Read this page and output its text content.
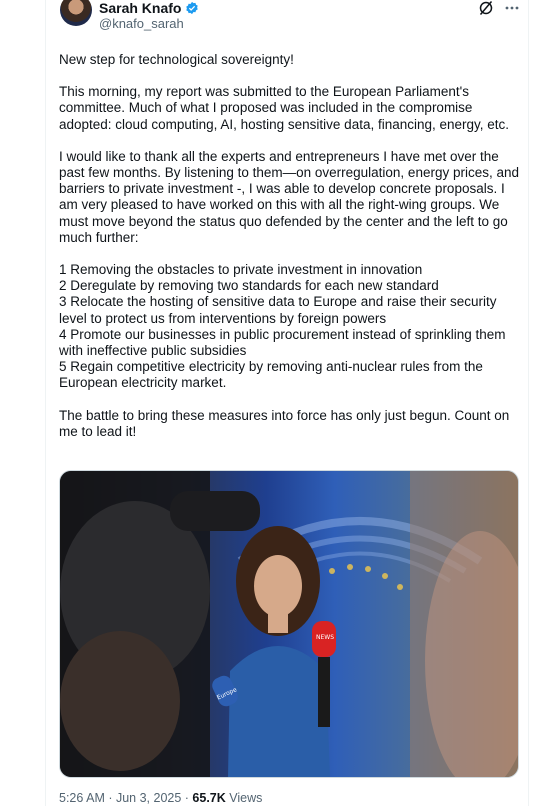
Sarah Knafo
@knafo_sarah

New step for technological sovereignty!

This morning, my report was submitted to the European Parliament's committee. Much of what I proposed was included in the compromise adopted: cloud computing, AI, hosting sensitive data, financing, energy, etc.

I would like to thank all the experts and entrepreneurs I have met over the past few months. By listening to them—on overregulation, energy prices, and barriers to private investment -, I was able to develop concrete proposals. I am very pleased to have worked on this with all the right-wing groups. We must move beyond the status quo defended by the center and the left to go much further:

1 Removing the obstacles to private investment in innovation

2 Deregulate by removing two standards for each new standard

3 Relocate the hosting of sensitive data to Europe and raise their security level to protect us from interventions by foreign powers

4 Promote our businesses in public procurement instead of sprinkling them with ineffective public subsidies

5 Regain competitive electricity by removing anti-nuclear rules from the European electricity market.

The battle to bring these measures into force has only just begun. Count on me to lead it!

NEWS
Europe
5:26 AM · Jun 3, 2025 · 65.7K Views
